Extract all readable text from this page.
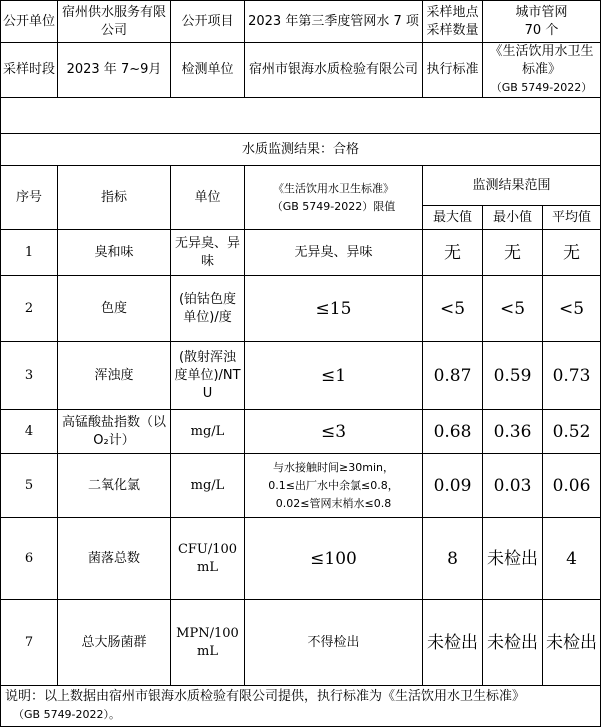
公开单位	宿州供水服务有限公司	公开项目	2023 年第三季度管网水 7 项	采样地点采样数量	城市管网
70 个	

采样时段	2023 年 7~9月	检测单位	宿州市银海水质检验有限公司	执行标准	《生活饮用水卫生标准》
（GB 5749-2022）	

水质监测结果：合格						
序号	指标	单位	《生活饮用水卫生标准》
（GB 5749-2022）限值	监测结果范围		
				最大值	最小值	平均值
1	臭和味	无异臭、异味	无异臭、异味	无	无	无
2	色度	(铂钴色度单位)/度	≤15	<5	<5	<5
3	浑浊度	(散射浑浊度单位)/NTU	≤1	0.87	0.59	0.73
4	高锰酸盐指数（以O₂计）	mg/L	≤3	0.68	0.36	0.52
5	二氧化氯	mg/L	与水接触时间≥30min，
0.1≤出厂水中余氯≤0.8，
0.02≤管网末梢水≤0.8	0.09	0.03	0.06
6	菌落总数	CFU/100mL	≤100	8	未检出	4
7	总大肠菌群	MPN/100mL	不得检出	未检出	未检出	未检出
说明：以上数据由宿州市银海水质检验有限公司提供，执行标准为《生活饮用水卫生标准》
（GB 5749-2022）。						
